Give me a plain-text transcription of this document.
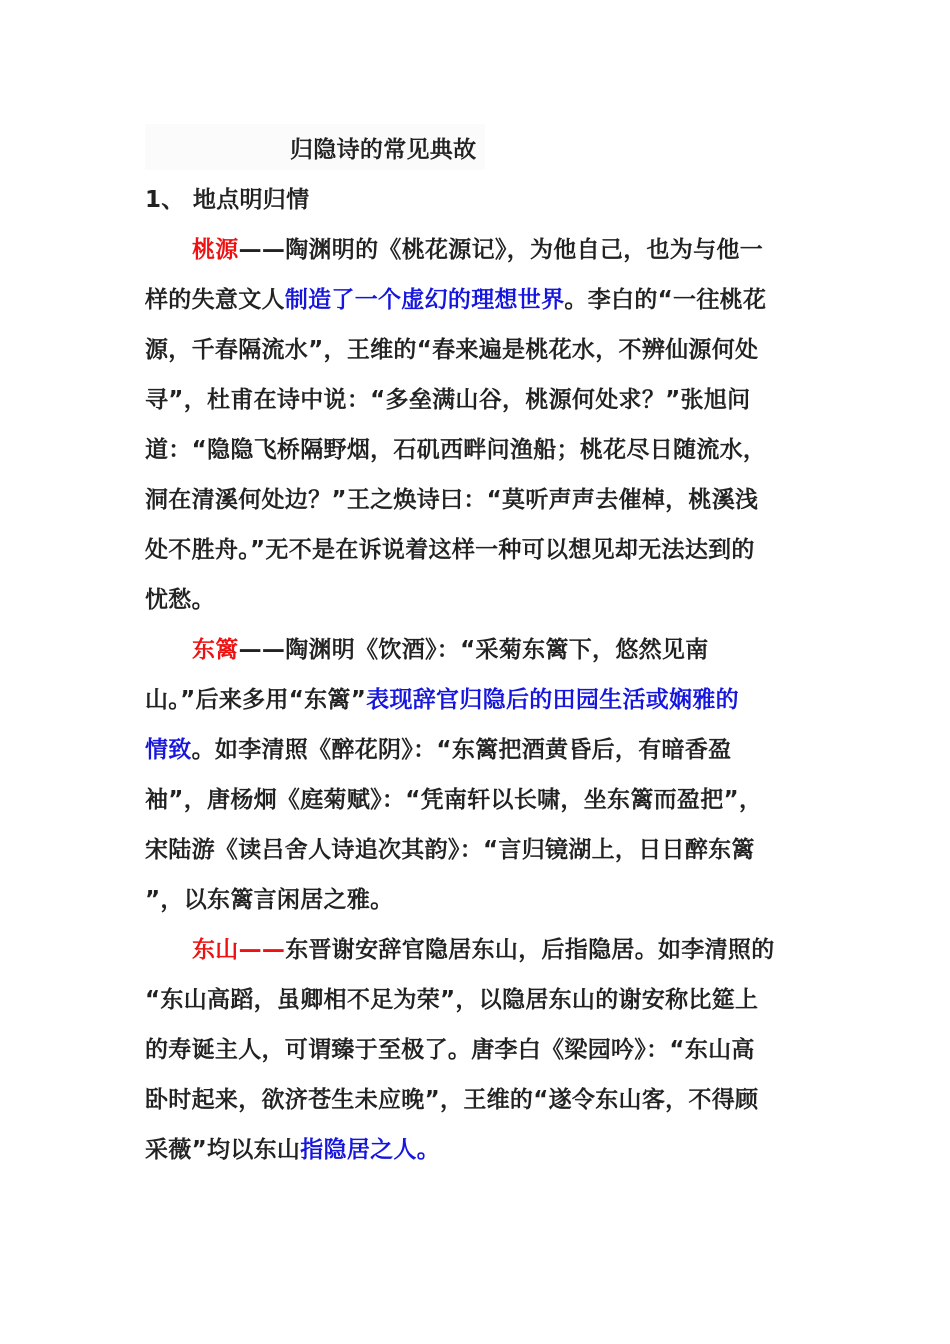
归隐诗的常见典故
1、 地点明归情
桃源——陶渊明的《桃花源记》，为他自己，也为与他一
样的失意文人制造了一个虚幻的理想世界。李白的“一往桃花
源，千春隔流水”，王维的“春来遍是桃花水，不辨仙源何处
寻”，杜甫在诗中说：“多垒满山谷，桃源何处求？”张旭问
道：“隐隐飞桥隔野烟，石矶西畔问渔船；桃花尽日随流水，
洞在清溪何处边？”王之焕诗曰：“莫听声声去催棹，桃溪浅
处不胜舟。”无不是在诉说着这样一种可以想见却无法达到的
忧愁。
东篱——陶渊明《饮酒》：“采菊东篱下，悠然见南
山。”后来多用“东篱”表现辞官归隐后的田园生活或娴雅的
情致。如李清照《醉花阴》：“东篱把酒黄昏后，有暗香盈
袖”，唐杨炯《庭菊赋》：“凭南轩以长啸，坐东篱而盈把”，
宋陆游《读吕舍人诗追次其韵》：“言归镜湖上，日日醉东篱
”，以东篱言闲居之雅。
东山——东晋谢安辞官隐居东山，后指隐居。如李清照的
“东山高蹈，虽卿相不足为荣”，以隐居东山的谢安称比筵上
的寿诞主人，可谓臻于至极了。唐李白《梁园吟》：“东山高
卧时起来，欲济苍生未应晚”，王维的“遂令东山客，不得顾
采薇”均以东山指隐居之人。
